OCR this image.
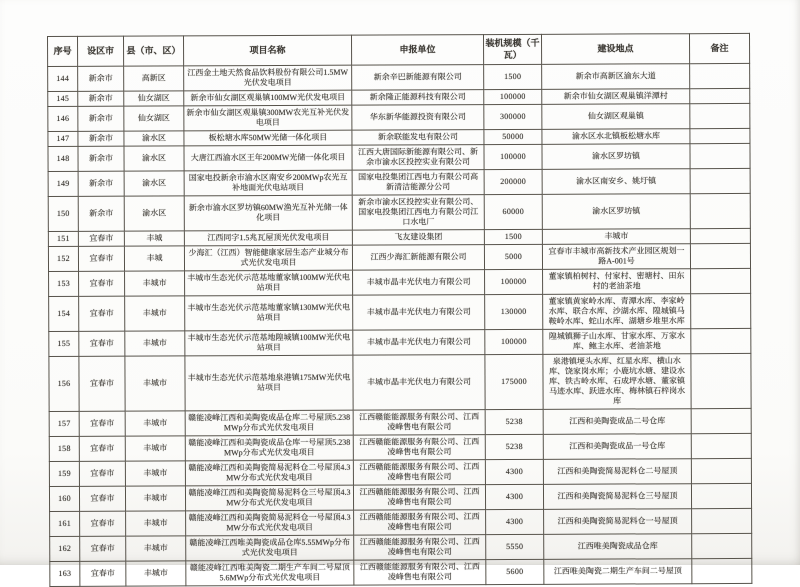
序号	设区市	县（市、区）	项目名称	申报单位	装机规模（千瓦）	建设地点	备注
144	新余市	高新区	江西金土地天然食品饮料股份有限公司1.5MW光伏发电项目	新余辛巴新能源有限公司	1500	新余市高新区渝东大道	
145	新余市	仙女湖区	新余市仙女湖区观巢镇100MW光伏发电项目	新余隆正能源科技有限公司	100000	新余市仙女湖区观巢镇洋潭村	
146	新余市	仙女湖区	新余市仙女湖区观巢镇300MW农光互补光伏发电项目	华东新华能源投资有限公司	300000	仙女湖区观巢镇	
147	新余市	渝水区	板松塘水库50MW光储一体化项目	新余联能发电有限公司	50000	渝水区水北镇板松塘水库	
148	新余市	渝水区	大唐江西渝水区王年200MW光储一体化项目	江西大唐国际新能源有限公司、新余市渝水区投控实业有限公司	100000	渝水区罗坊镇	
149	新余市	渝水区	国家电投新余市渝水区南安乡200MWp农光互补地面光伏电站项目	国家电投集团江西电力有限公司高新清洁能源分公司	200000	渝水区南安乡、姚圩镇	
150	新余市	渝水区	新余市渝水区罗坊镇60MW渔光互补光储一体化项目	新余市渝水区投控实业有限公司、国家电投集团江西电力有限公司江口水电厂	60000	渝水区罗坊镇	
151	宜春市	丰城	江西同字1.5兆瓦屋顶光伏发电项目	飞友建设集团	1500	丰城市	
152	宜春市	丰城	少海汇（江西）智能健康家居生态产业城分布式光伏发电项目	江西少海汇新能源有限公司	5000	宜春市丰城市高新技术产业园区规划一路A-001号	
153	宜春市	丰城市	丰城市生态光伏示范基地董家镇100MW光伏电站项目	丰城市晶丰光伏电力有限公司	100000	董家镇柏树村、付家村、密塘村、田东村的老油茶地	
154	宜春市	丰城市	丰城市生态光伏示范基地董家镇130MW光伏电站项目	丰城市晶丰光伏电力有限公司	130000	董家镇黄家岭水库、青潭水库、李家岭水库、联合水库、沙湖水库、隍城镇马鞍岭水库、蛇山水库、湖塘乡堆里水库	
155	宜春市	丰城市	丰城市生态光伏示范基地隍城镇100MW光伏电站项目	丰城市晶丰光伏电力有限公司	100000	隍城镇狮子山水库、甘家水库、万家水库、鲍主水库、老油茶地	
156	宜春市	丰城市	丰城市生态光伏示范基地泉港镇175MW光伏电站项目	丰城市晶丰光伏电力有限公司	175000	泉港镇埂头水库、红星水库、横山水库、饶家岗水库；小鹿坑水塘、建设水库、铁古岭水库、石成坪水塘、董家镇马迹水库、跃进水库、梅林镇石梓岗水库	
157	宜春市	丰城市	赣能凌峰江西和美陶瓷成品仓库二号屋顶5.238MWp分布式光伏发电项目	江西赣能能源服务有限公司、江西凌峰售电有限公司	5238	江西和美陶瓷成品二号仓库	
158	宜春市	丰城市	赣能凌峰江西和美陶瓷成品仓库一号屋顶5.238MWp分布式光伏发电项目	江西赣能能源服务有限公司、江西凌峰售电有限公司	5238	江西和美陶瓷成品一号仓库	
159	宜春市	丰城市	赣能凌峰江西和美陶瓷简易泥料仓二号屋顶4.3MW分布式光伏发电项目	江西赣能能源服务有限公司、江西凌峰售电有限公司	4300	江西和美陶瓷简易泥料仓二号屋顶	
160	宜春市	丰城市	赣能凌峰江西和美陶瓷简易泥料仓三号屋顶4.3MW分布式光伏发电项目	江西赣能能源服务有限公司、江西凌峰售电有限公司	4300	江西和美陶瓷简易泥料仓三号屋顶	
161	宜春市	丰城市	赣能凌峰江西和美陶瓷简易泥料仓一号屋顶4.3MW分布式光伏发电项目	江西赣能能源服务有限公司、江西凌峰售电有限公司	4300	江西和美陶瓷简易泥料仓一号屋顶	
162	宜春市	丰城市	赣能凌峰江西唯美陶瓷成品仓库5.55MWp分布式光伏发电项目	江西赣能能源服务有限公司、江西凌峰售电有限公司	5550	江西唯美陶瓷成品仓库	
163	宜春市	丰城市	赣能凌峰江西唯美陶瓷二期生产车间二号屋顶5.6MWp分布式光伏发电项目	江西赣能能源服务有限公司、江西凌峰售电有限公司	5600	江西唯美陶瓷二期生产车间二号屋顶	
